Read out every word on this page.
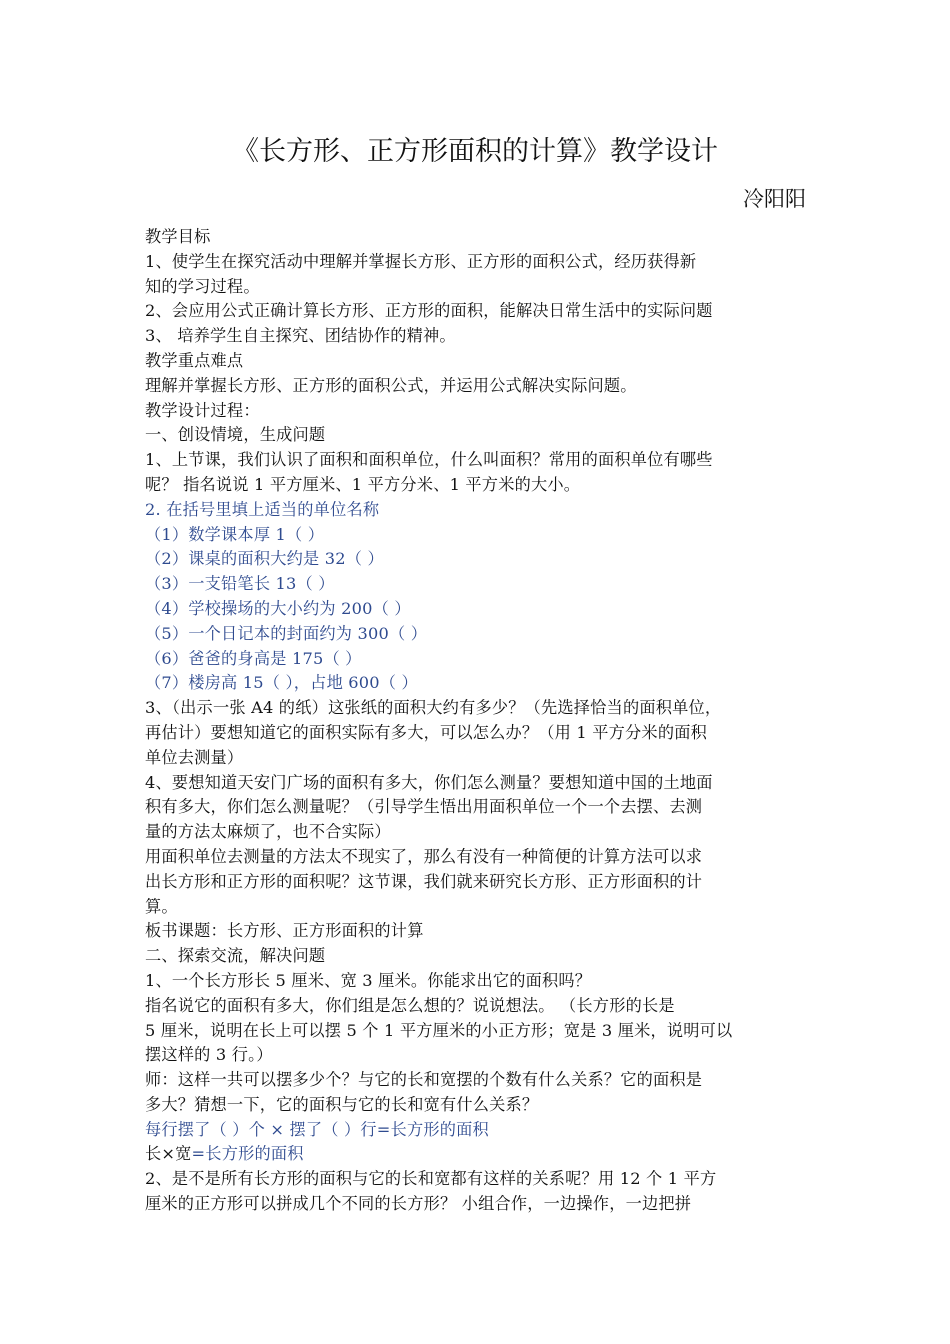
《长方形、正方形面积的计算》教学设计
冷阳阳
教学目标
1、使学生在探究活动中理解并掌握长方形、正方形的面积公式，经历获得新
知的学习过程。
2、会应用公式正确计算长方形、正方形的面积，能解决日常生活中的实际问题
3、 培养学生自主探究、团结协作的精神。
教学重点难点
理解并掌握长方形、正方形的面积公式，并运用公式解决实际问题。
教学设计过程：
一、创设情境，生成问题
1、上节课，我们认识了面积和面积单位，什么叫面积？常用的面积单位有哪些
呢？ 指名说说 1 平方厘米、1 平方分米、1 平方米的大小。
2. 在括号里填上适当的单位名称
（1）数学课本厚 1（ ）
（2）课桌的面积大约是 32（ ）
（3）一支铅笔长 13（ ）
（4）学校操场的大小约为 200（ ）
（5）一个日记本的封面约为 300（ ）
（6）爸爸的身高是 175（ ）
（7）楼房高 15（ ），占地 600（ ）
3、（出示一张 A4 的纸）这张纸的面积大约有多少？（先选择恰当的面积单位，
再估计）要想知道它的面积实际有多大，可以怎么办？（用 1 平方分米的面积
单位去测量）
4、要想知道天安门广场的面积有多大，你们怎么测量？要想知道中国的土地面
积有多大，你们怎么测量呢？（引导学生悟出用面积单位一个一个去摆、去测
量的方法太麻烦了，也不合实际）
用面积单位去测量的方法太不现实了，那么有没有一种简便的计算方法可以求
出长方形和正方形的面积呢？这节课，我们就来研究长方形、正方形面积的计
算。
板书课题：长方形、正方形面积的计算
二、探索交流，解决问题
1、一个长方形长 5 厘米、宽 3 厘米。你能求出它的面积吗？
指名说它的面积有多大，你们组是怎么想的？说说想法。 （长方形的长是
5 厘米，说明在长上可以摆 5 个 1 平方厘米的小正方形；宽是 3 厘米，说明可以
摆这样的 3 行。）
师：这样一共可以摆多少个？与它的长和宽摆的个数有什么关系？它的面积是
多大？猜想一下，它的面积与它的长和宽有什么关系？
每行摆了（ ）个 × 摆了（ ）行=长方形的面积
长×宽=长方形的面积
2、是不是所有长方形的面积与它的长和宽都有这样的关系呢？用 12 个 1 平方
厘米的正方形可以拼成几个不同的长方形？ 小组合作，一边操作，一边把拼
